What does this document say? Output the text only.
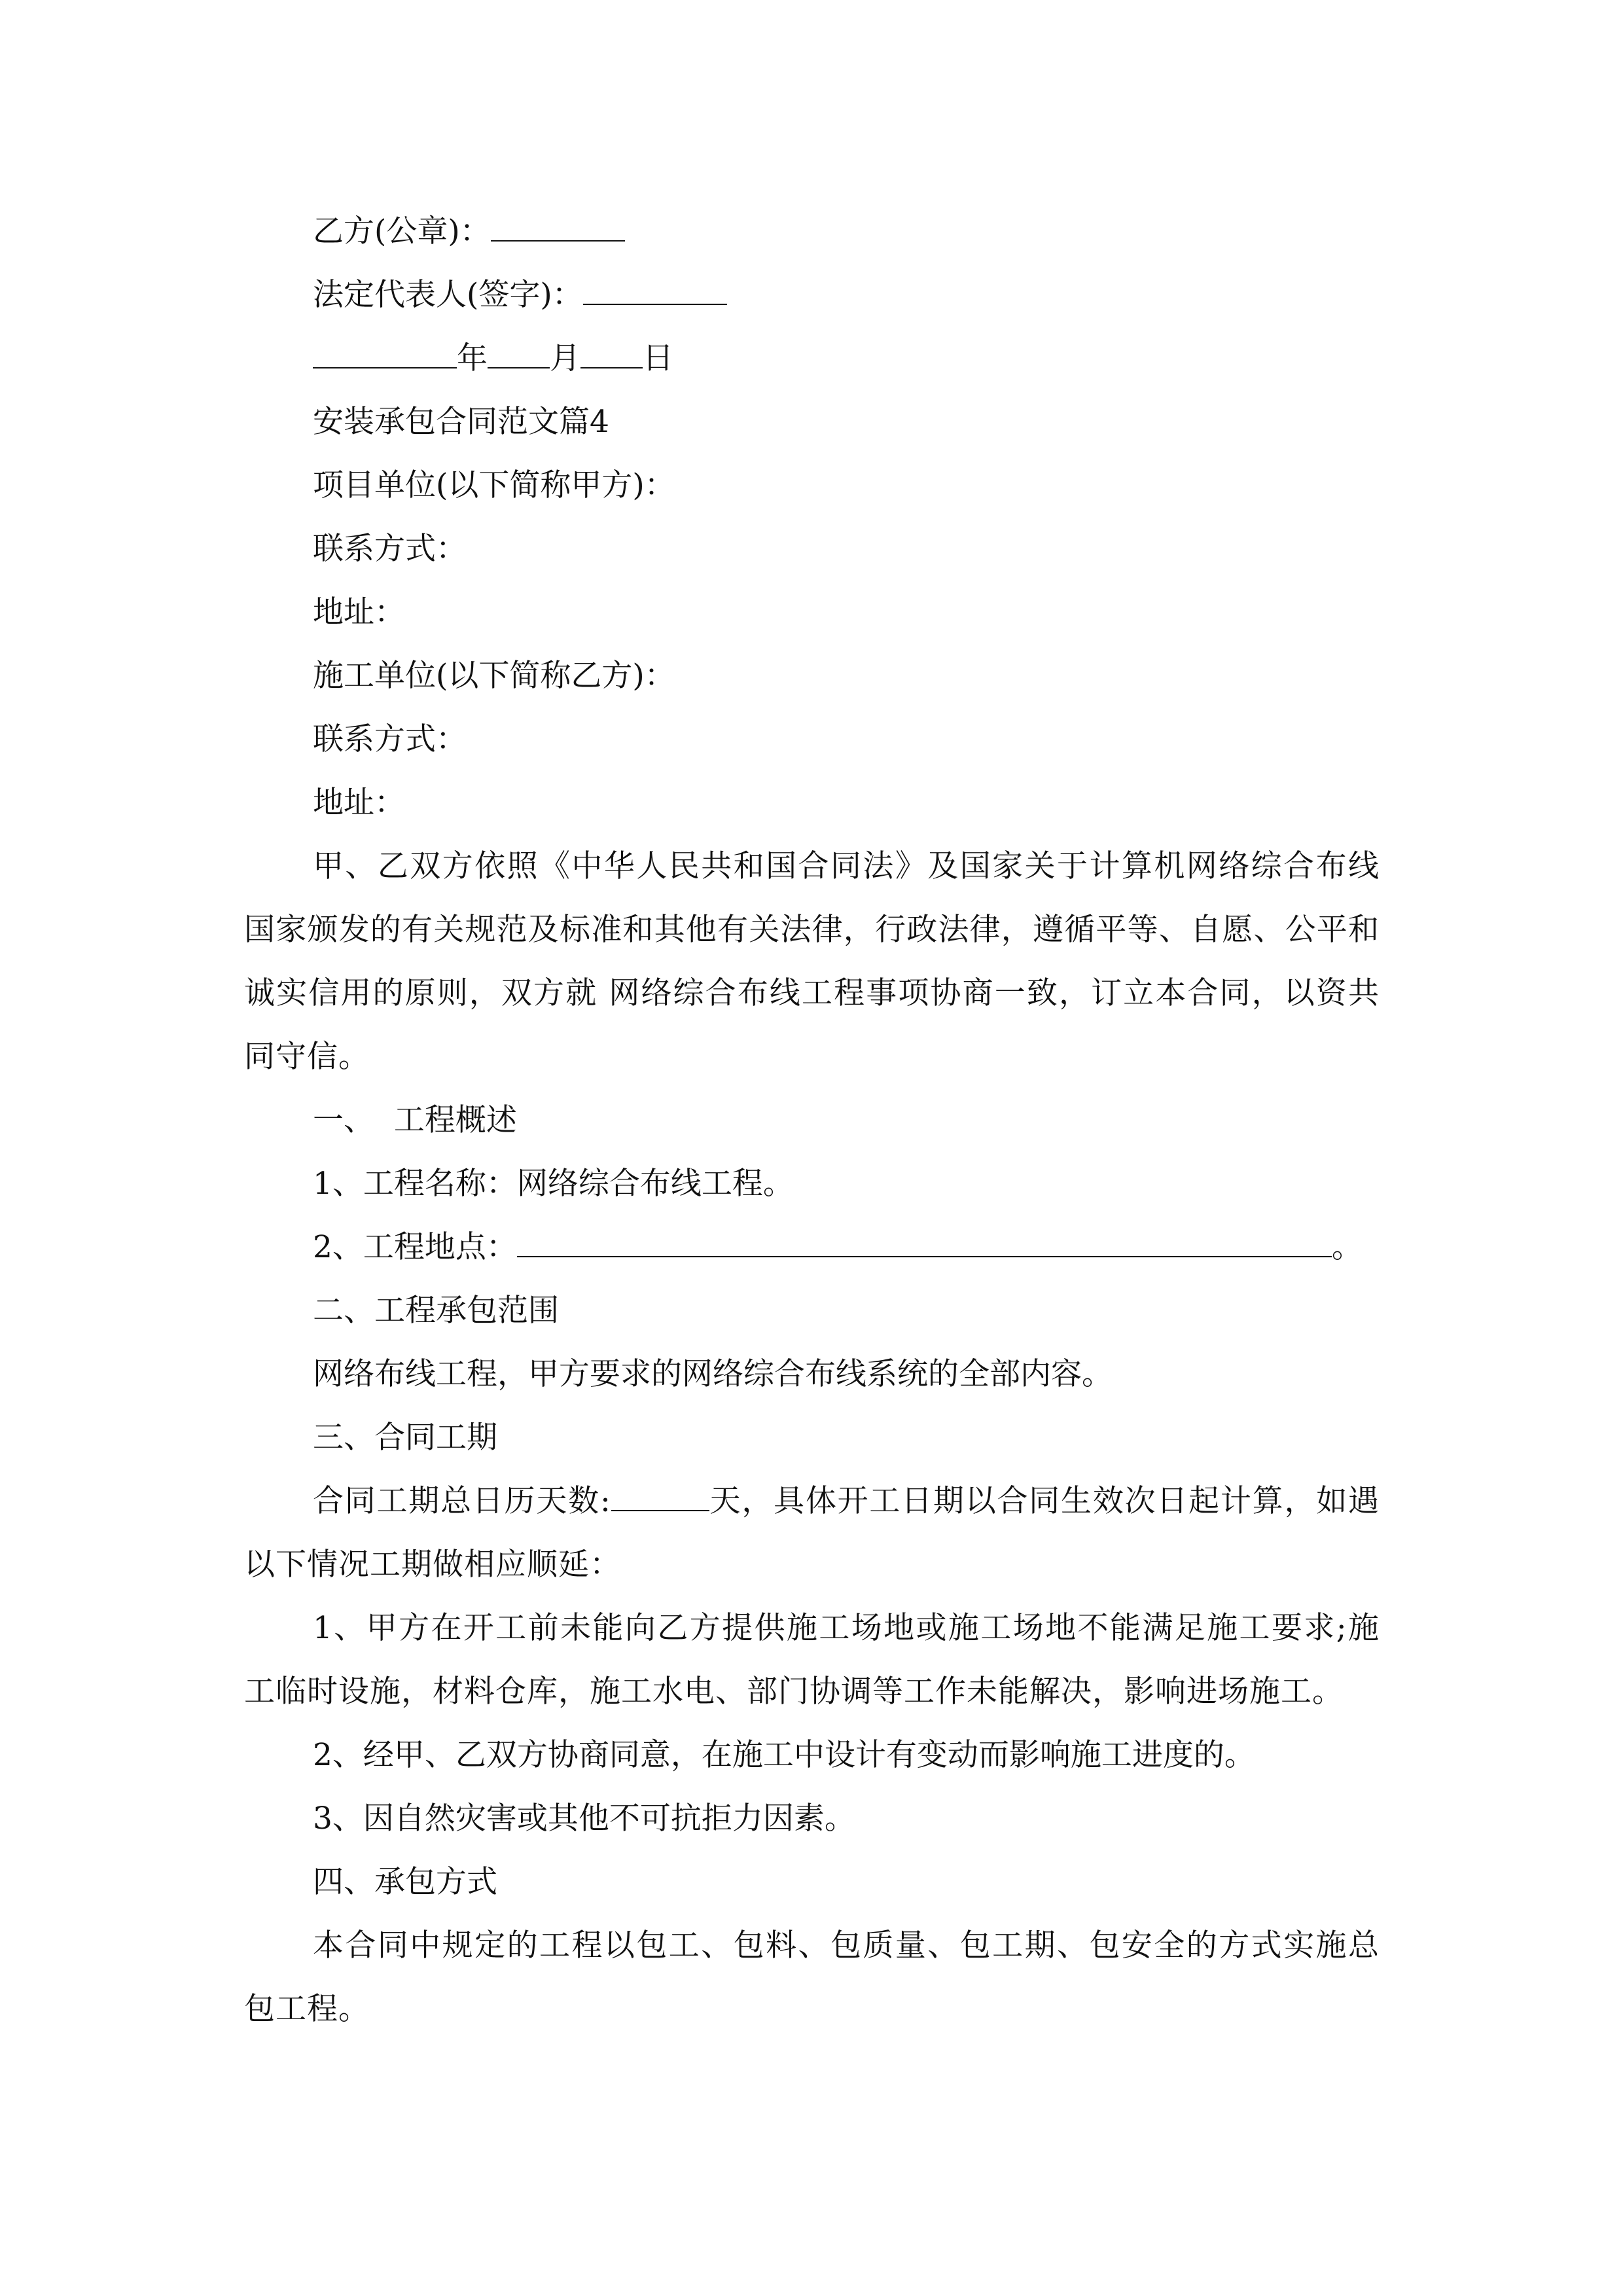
乙方(公章)：
法定代表人(签字)：
年 月 日
安装承包合同范文篇4
项目单位(以下简称甲方)：
联系方式：
地址：
施工单位(以下简称乙方)：
联系方式：
地址：

甲、乙双方依照《中华人民共和国合同法》及国家关于计算机网络综合布线国家颁发的有关规范及标准和其他有关法律，行政法律，遵循平等、自愿、公平和诚实信用的原则，双方就 网络综合布线工程事项协商一致，订立本合同，以资共同守信。

一、  工程概述
1、工程名称：网络综合布线工程。
2、工程地点：	。
二、工程承包范围
网络布线工程，甲方要求的网络综合布线系统的全部内容。
三、合同工期

合同工期总日历天数:	天，具体开工日期以合同生效次日起计算，如遇以下情况工期做相应顺延：

1、甲方在开工前未能向乙方提供施工场地或施工场地不能满足施工要求;施工临时设施，材料仓库，施工水电、部门协调等工作未能解决，影响进场施工。

2、经甲、乙双方协商同意，在施工中设计有变动而影响施工进度的。
3、因自然灾害或其他不可抗拒力因素。
四、承包方式

本合同中规定的工程以包工、包料、包质量、包工期、包安全的方式实施总包工程。
